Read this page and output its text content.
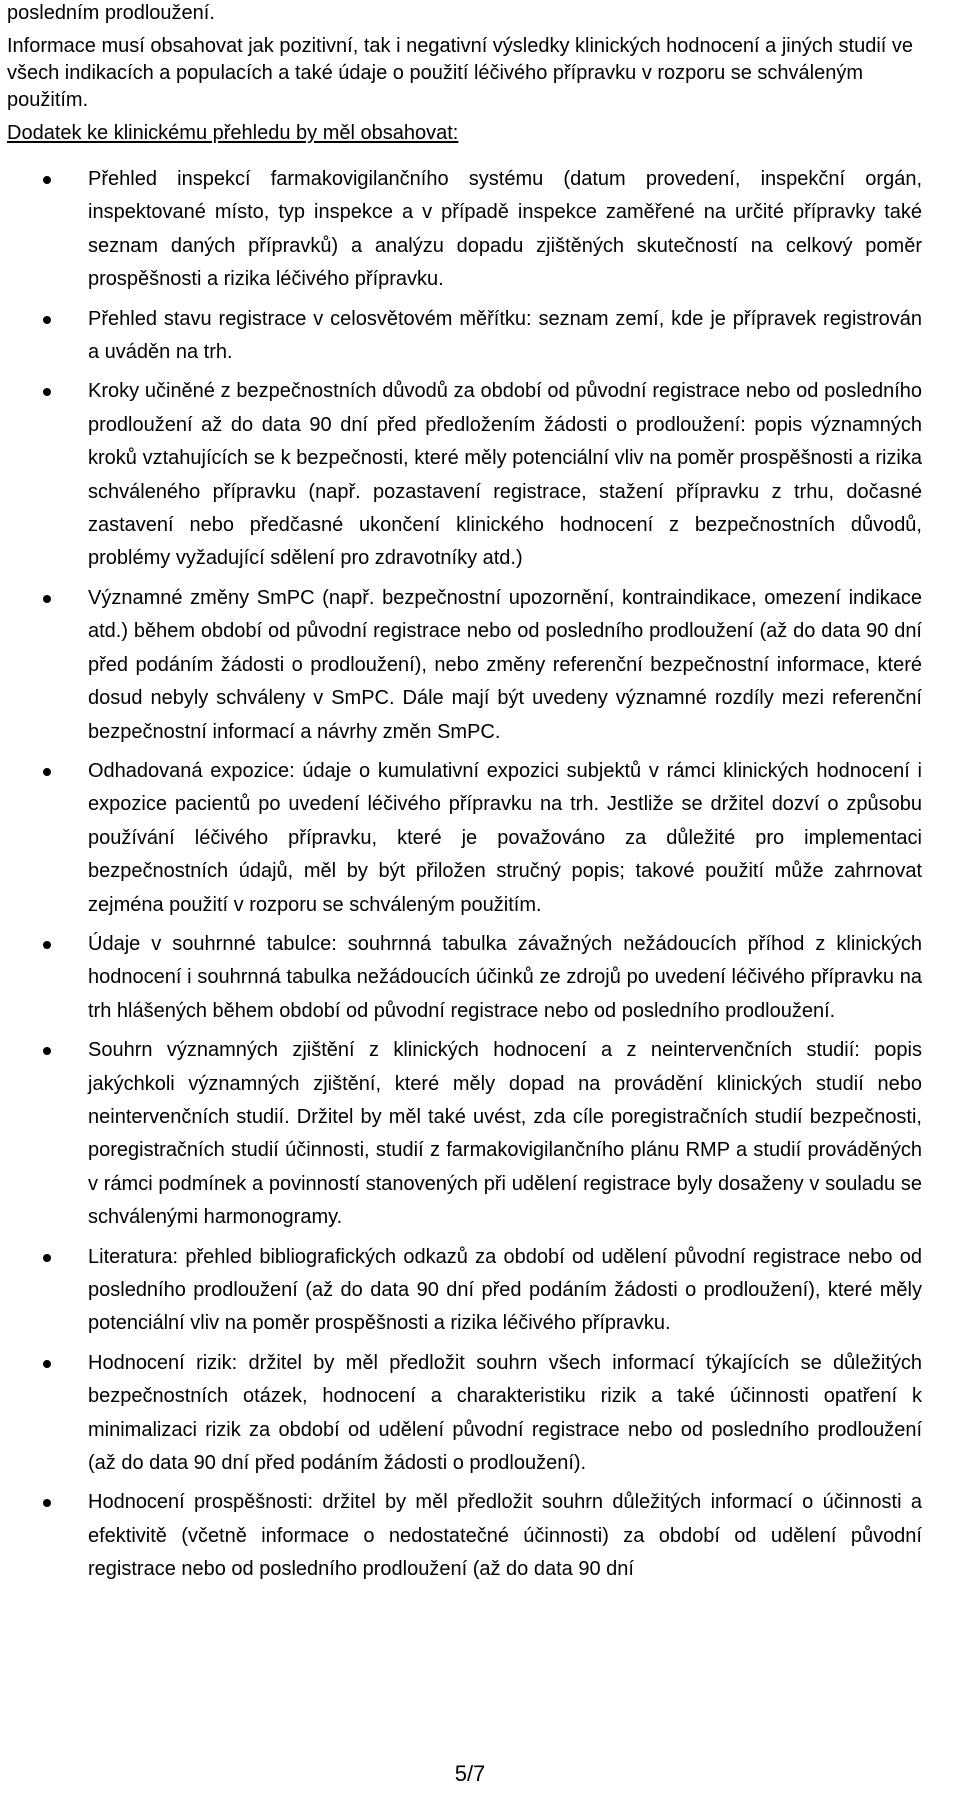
posledním prodloužení.

Informace musí obsahovat jak pozitivní, tak i negativní výsledky klinických hodnocení a jiných studií ve všech indikacích a populacích a také údaje o použití léčivého přípravku v rozporu se schváleným použitím.

Dodatek ke klinickému přehledu by měl obsahovat:

Přehled inspekcí farmakovigilančního systému (datum provedení, inspekční orgán, inspektované místo, typ inspekce a v případě inspekce zaměřené na určité přípravky také seznam daných přípravků) a analýzu dopadu zjištěných skutečností na celkový poměr prospěšnosti a rizika léčivého přípravku.
Přehled stavu registrace v celosvětovém měřítku: seznam zemí, kde je přípravek registrován a uváděn na trh.
Kroky učiněné z bezpečnostních důvodů za období od původní registrace nebo od posledního prodloužení až do data 90 dní před předložením žádosti o prodloužení: popis významných kroků vztahujících se k bezpečnosti, které měly potenciální vliv na poměr prospěšnosti a rizika schváleného přípravku (např. pozastavení registrace, stažení přípravku z trhu, dočasné zastavení nebo předčasné ukončení klinického hodnocení z bezpečnostních důvodů, problémy vyžadující sdělení pro zdravotníky atd.)
Významné změny SmPC (např. bezpečnostní upozornění, kontraindikace, omezení indikace atd.) během období od původní registrace nebo od posledního prodloužení (až do data 90 dní před podáním žádosti o prodloužení), nebo změny referenční bezpečnostní informace, které dosud nebyly schváleny v SmPC. Dále mají být uvedeny významné rozdíly mezi referenční bezpečnostní informací a návrhy změn SmPC.
Odhadovaná expozice: údaje o kumulativní expozici subjektů v rámci klinických hodnocení i expozice pacientů po uvedení léčivého přípravku na trh. Jestliže se držitel dozví o způsobu používání léčivého přípravku, které je považováno za důležité pro implementaci bezpečnostních údajů, měl by být přiložen stručný popis; takové použití může zahrnovat zejména použití v rozporu se schváleným použitím.
Údaje v souhrnné tabulce: souhrnná tabulka závažných nežádoucích příhod z klinických hodnocení i souhrnná tabulka nežádoucích účinků ze zdrojů po uvedení léčivého přípravku na trh hlášených během období od původní registrace nebo od posledního prodloužení.
Souhrn významných zjištění z klinických hodnocení a z neintervenčních studií: popis jakýchkoli významných zjištění, které měly dopad na provádění klinických studií nebo neintervenčních studií. Držitel by měl také uvést, zda cíle poregistračních studií bezpečnosti, poregistračních studií účinnosti, studií z farmakovigilančního plánu RMP a studií prováděných v rámci podmínek a povinností stanovených při udělení registrace byly dosaženy v souladu se schválenými harmonogramy.
Literatura: přehled bibliografických odkazů za období od udělení původní registrace nebo od posledního prodloužení (až do data 90 dní před podáním žádosti o prodloužení), které měly potenciální vliv na poměr prospěšnosti a rizika léčivého přípravku.
Hodnocení rizik: držitel by měl předložit souhrn všech informací týkajících se důležitých bezpečnostních otázek, hodnocení a charakteristiku rizik a také účinnosti opatření k minimalizaci rizik za období od udělení původní registrace nebo od posledního prodloužení (až do data 90 dní před podáním žádosti o prodloužení).
Hodnocení prospěšnosti: držitel by měl předložit souhrn důležitých informací o účinnosti a efektivitě (včetně informace o nedostatečné účinnosti) za období od udělení původní registrace nebo od posledního prodloužení (až do data 90 dní
5/7
